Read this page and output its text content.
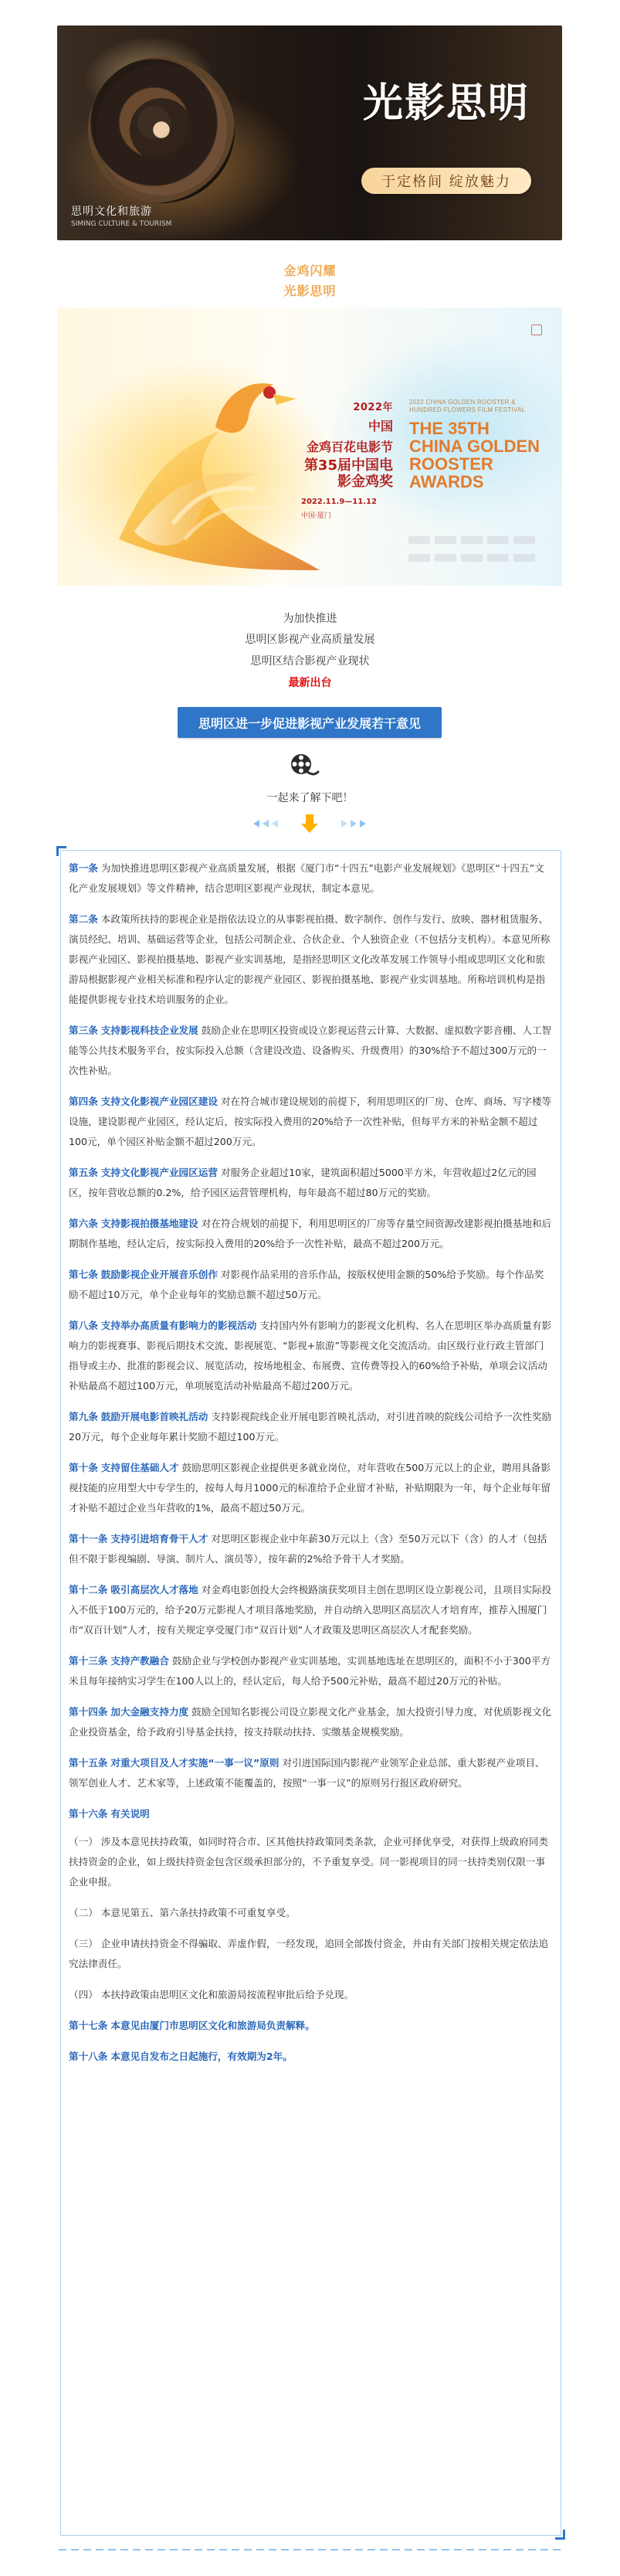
光影思明
于定格间 绽放魅力
思明文化和旅游
SIMING CULTURE & TOURISM
金鸡闪耀
光影思明
2022年
中国
金鸡百花电影节
第35届中国电影金鸡奖
2022 CHINA GOLDEN ROOSTER & HUNDRED FLOWERS FILM FESTIVAL
THE 35TH CHINA GOLDEN ROOSTER AWARDS
2022.11.9—11.12
中国·厦门
为加快推进
思明区影视产业高质量发展
思明区结合影视产业现状
最新出台
思明区进一步促进影视产业发展若干意见
一起来了解下吧！

第一条 为加快推进思明区影视产业高质量发展，根据《厦门市“十四五”电影产业发展规划》《思明区“十四五”文化产业发展规划》等文件精神，结合思明区影视产业现状，制定本意见。

第二条 本政策所扶持的影视企业是指依法设立的从事影视拍摄、数字制作、创作与发行、放映、器材租赁服务、演员经纪、培训、基础运营等企业，包括公司制企业、合伙企业、个人独资企业（不包括分支机构）。本意见所称影视产业园区、影视拍摄基地、影视产业实训基地，是指经思明区文化改革发展工作领导小组或思明区文化和旅游局根据影视产业相关标准和程序认定的影视产业园区、影视拍摄基地、影视产业实训基地。所称培训机构是指能提供影视专业技术培训服务的企业。

第三条 支持影视科技企业发展 鼓励企业在思明区投资或设立影视运营云计算、大数据、虚拟数字影音棚、人工智能等公共技术服务平台，按实际投入总额（含建设改造、设备购买、升级费用）的30%给予不超过300万元的一次性补贴。

第四条 支持文化影视产业园区建设 对在符合城市建设规划的前提下，利用思明区的厂房、仓库、商场、写字楼等设施，建设影视产业园区，经认定后，按实际投入费用的20%给予一次性补贴，但每平方米的补贴金额不超过100元，单个园区补贴金额不超过200万元。

第五条 支持文化影视产业园区运营 对服务企业超过10家，建筑面积超过5000平方米，年营收超过2亿元的园区，按年营收总额的0.2%，给予园区运营管理机构，每年最高不超过80万元的奖励。

第六条 支持影视拍摄基地建设 对在符合规划的前提下，利用思明区的厂房等存量空间资源改建影视拍摄基地和后期制作基地，经认定后，按实际投入费用的20%给予一次性补贴，最高不超过200万元。

第七条 鼓励影视企业开展音乐创作 对影视作品采用的音乐作品，按版权使用金额的50%给予奖励。每个作品奖励不超过10万元，单个企业每年的奖励总额不超过50万元。

第八条 支持举办高质量有影响力的影视活动 支持国内外有影响力的影视文化机构、名人在思明区举办高质量有影响力的影视赛事、影视后期技术交流、影视展览、“影视+旅游”等影视文化交流活动。由区级行业行政主管部门指导或主办、批准的影视会议、展览活动，按场地租金、布展费、宣传费等投入的60%给予补贴，单项会议活动补贴最高不超过100万元，单项展览活动补贴最高不超过200万元。

第九条 鼓励开展电影首映礼活动 支持影视院线企业开展电影首映礼活动，对引进首映的院线公司给予一次性奖励20万元，每个企业每年累计奖励不超过100万元。

第十条 支持留住基础人才 鼓励思明区影视企业提供更多就业岗位，对年营收在500万元以上的企业，聘用具备影视技能的应用型大中专学生的，按每人每月1000元的标准给予企业留才补贴，补贴期限为一年，每个企业每年留才补贴不超过企业当年营收的1%，最高不超过50万元。

第十一条 支持引进培育骨干人才 对思明区影视企业中年薪30万元以上（含）至50万元以下（含）的人才（包括但不限于影视编剧、导演、制片人、演员等），按年薪的2%给予骨干人才奖励。

第十二条 吸引高层次人才落地 对金鸡电影创投大会终极路演获奖项目主创在思明区设立影视公司，且项目实际投入不低于100万元的，给予20万元影视人才项目落地奖励，并自动纳入思明区高层次人才培育库，推荐入围厦门市“双百计划”人才，按有关规定享受厦门市“双百计划”人才政策及思明区高层次人才配套奖励。

第十三条 支持产教融合 鼓励企业与学校创办影视产业实训基地，实训基地选址在思明区的，面积不小于300平方米且每年接纳实习学生在100人以上的，经认定后，每人给予500元补贴，最高不超过20万元的补贴。

第十四条 加大金融支持力度 鼓励全国知名影视公司设立影视文化产业基金，加大投资引导力度，对优质影视文化企业投资基金，给予政府引导基金扶持，按支持联动扶持、实缴基金规模奖励。

第十五条 对重大项目及人才实施“一事一议”原则 对引进国际国内影视产业领军企业总部、重大影视产业项目、领军创业人才、艺术家等，上述政策不能覆盖的，按照“一事一议”的原则另行报区政府研究。

第十六条 有关说明

（一） 涉及本意见扶持政策，如同时符合市、区其他扶持政策同类条款，企业可择优享受，对获得上级政府同类扶持资金的企业，如上级扶持资金包含区级承担部分的，不予重复享受。同一影视项目的同一扶持类别仅限一事企业申报。

（二） 本意见第五、第六条扶持政策不可重复享受。

（三） 企业申请扶持资金不得骗取、弄虚作假，一经发现，追回全部拨付资金，并由有关部门按相关规定依法追究法律责任。

（四） 本扶持政策由思明区文化和旅游局按流程审批后给予兑现。

第十七条 本意见由厦门市思明区文化和旅游局负责解释。

第十八条 本意见自发布之日起施行，有效期为2年。
